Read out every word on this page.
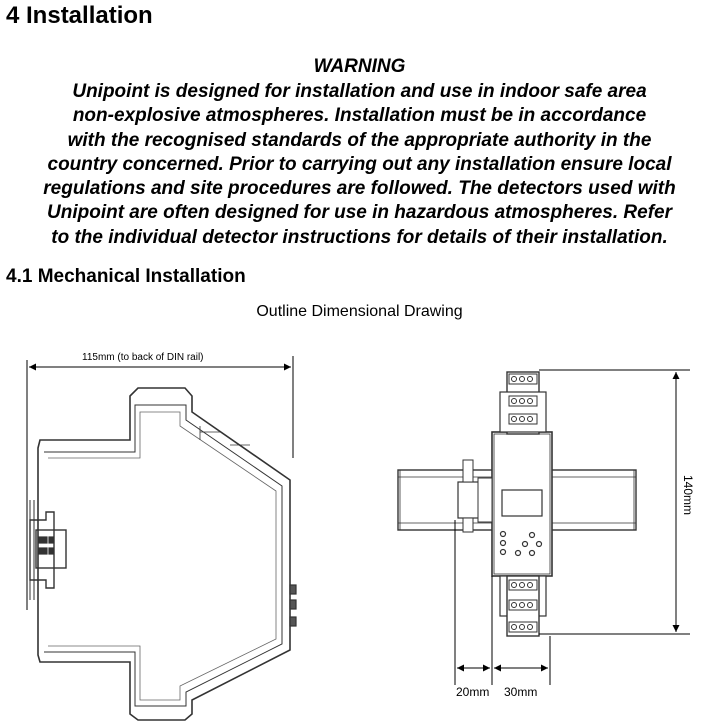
4 Installation
WARNING
Unipoint is designed for installation and use in indoor safe area
non-explosive atmospheres. Installation must be in accordance
with the recognised standards of the appropriate authority in the
country concerned. Prior to carrying out any installation ensure local
regulations and site procedures are followed. The detectors used with
Unipoint are often designed for use in hazardous atmospheres. Refer
to the individual detector instructions for details of their installation.
4.1 Mechanical Installation
Outline Dimensional Drawing
115mm (to back of DIN rail)
140mm
20mm 30mm
